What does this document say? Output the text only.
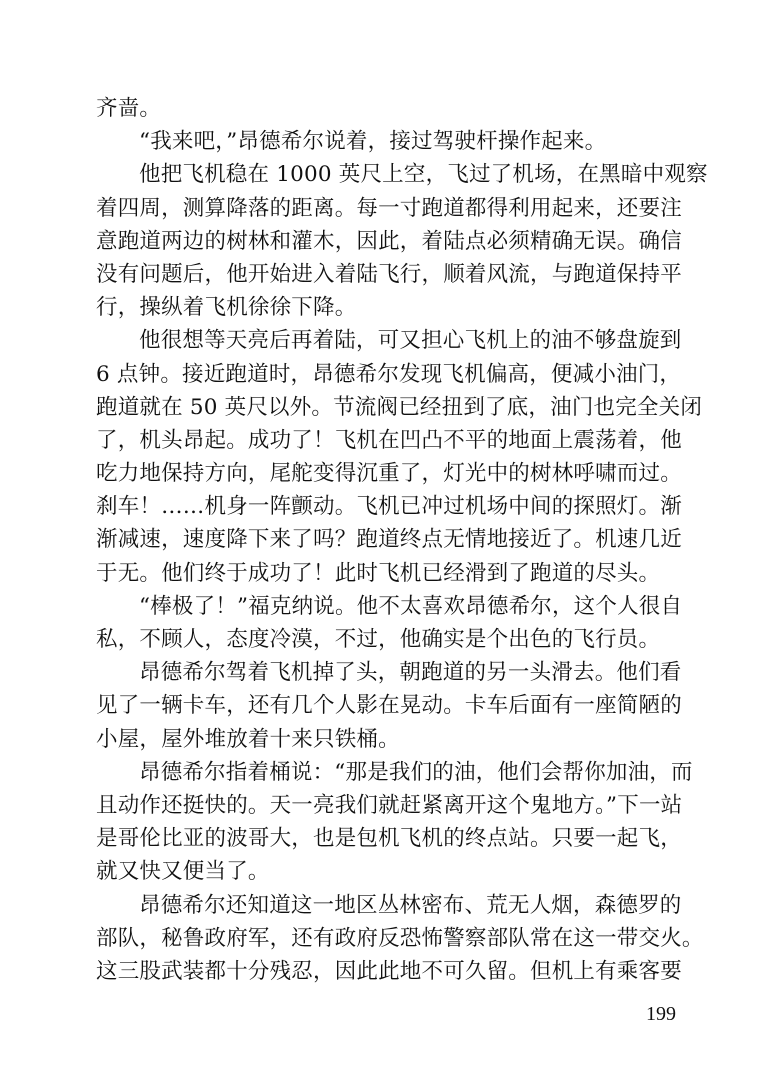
齐啬。
“我来吧，”昂德希尔说着，接过驾驶杆操作起来。
他把飞机稳在 1000 英尺上空，飞过了机场，在黑暗中观察
着四周，测算降落的距离。每一寸跑道都得利用起来，还要注
意跑道两边的树林和灌木，因此，着陆点必须精确无误。确信
没有问题后，他开始进入着陆飞行，顺着风流，与跑道保持平
行，操纵着飞机徐徐下降。
他很想等天亮后再着陆，可又担心飞机上的油不够盘旋到
6 点钟。接近跑道时，昂德希尔发现飞机偏高，便减小油门，
跑道就在 50 英尺以外。节流阀已经扭到了底，油门也完全关闭
了，机头昂起。成功了！飞机在凹凸不平的地面上震荡着，他
吃力地保持方向，尾舵变得沉重了，灯光中的树林呼啸而过。
刹车！……机身一阵颤动。飞机已冲过机场中间的探照灯。渐
渐减速，速度降下来了吗？跑道终点无情地接近了。机速几近
于无。他们终于成功了！此时飞机已经滑到了跑道的尽头。
“棒极了！”福克纳说。他不太喜欢昂德希尔，这个人很自
私，不顾人，态度冷漠，不过，他确实是个出色的飞行员。
昂德希尔驾着飞机掉了头，朝跑道的另一头滑去。他们看
见了一辆卡车，还有几个人影在晃动。卡车后面有一座简陋的
小屋，屋外堆放着十来只铁桶。
昂德希尔指着桶说：“那是我们的油，他们会帮你加油，而
且动作还挺快的。天一亮我们就赶紧离开这个鬼地方。”下一站
是哥伦比亚的波哥大，也是包机飞机的终点站。只要一起飞，
就又快又便当了。
昂德希尔还知道这一地区丛林密布、荒无人烟，森德罗的
部队，秘鲁政府军，还有政府反恐怖警察部队常在这一带交火。
这三股武装都十分残忍，因此此地不可久留。但机上有乘客要
199
